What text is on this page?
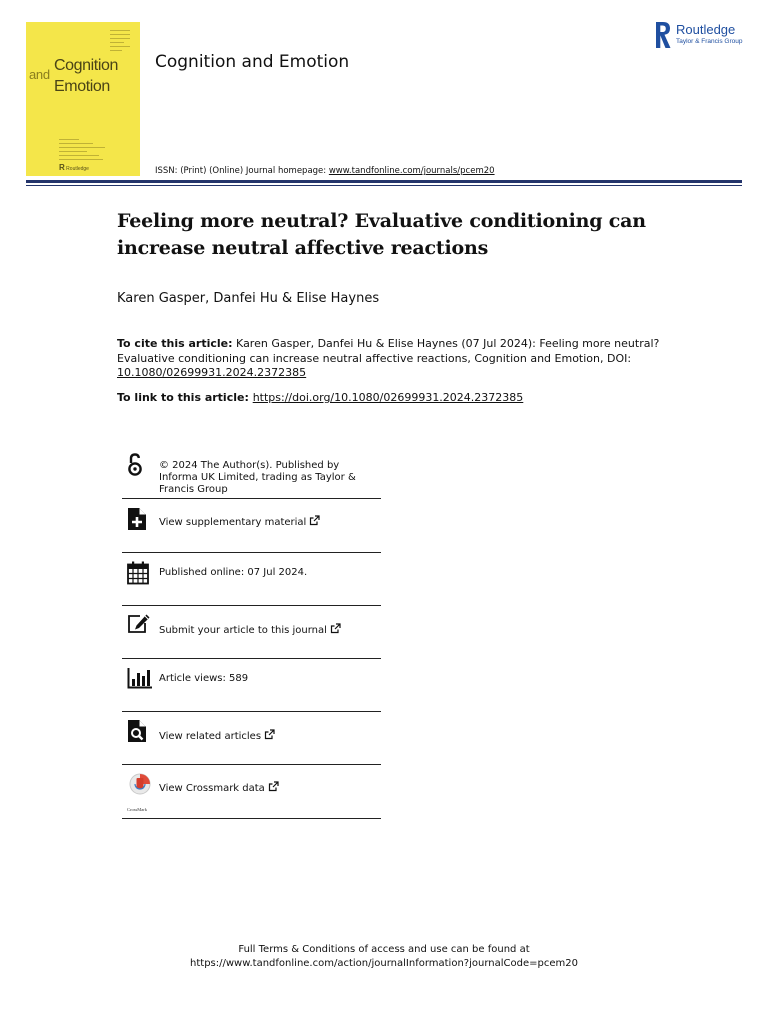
and
Cognition
Emotion
R Routledge
Cognition and Emotion
ISSN: (Print) (Online) Journal homepage: www.tandfonline.com/journals/pcem20
Routledge
Taylor & Francis Group
Feeling more neutral? Evaluative conditioning can increase neutral affective reactions
Karen Gasper, Danfei Hu & Elise Haynes
To cite this article: Karen Gasper, Danfei Hu & Elise Haynes (07 Jul 2024): Feeling more neutral? Evaluative conditioning can increase neutral affective reactions, Cognition and Emotion, DOI: 10.1080/02699931.2024.2372385
To link to this article: https://doi.org/10.1080/02699931.2024.2372385
© 2024 The Author(s). Published by Informa UK Limited, trading as Taylor & Francis Group
View supplementary material
Published online: 07 Jul 2024.
Submit your article to this journal
Article views: 589
View related articles
CrossMark
View Crossmark data
Full Terms & Conditions of access and use can be found at
https://www.tandfonline.com/action/journalInformation?journalCode=pcem20
